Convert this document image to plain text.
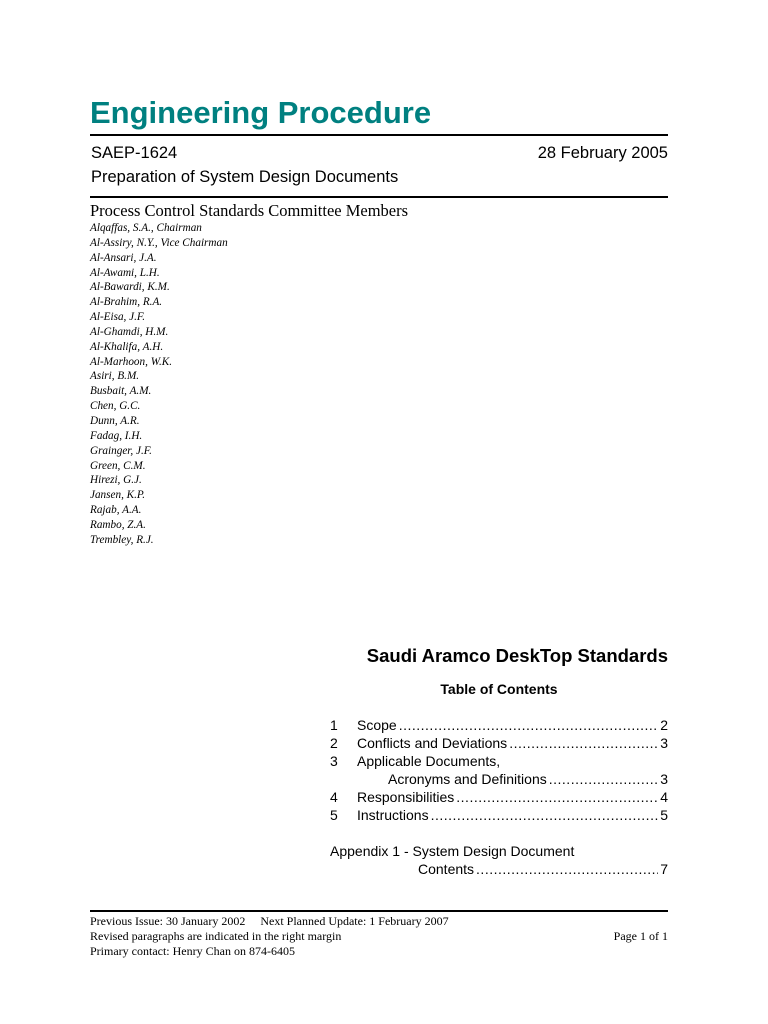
Engineering Procedure
SAEP-1624	28 February 2005
Preparation of System Design Documents
Process Control Standards Committee Members
Alqaffas, S.A., Chairman
Al-Assiry, N.Y., Vice Chairman
Al-Ansari, J.A.
Al-Awami, L.H.
Al-Bawardi, K.M.
Al-Brahim, R.A.
Al-Eisa, J.F.
Al-Ghamdi, H.M.
Al-Khalifa, A.H.
Al-Marhoon, W.K.
Asiri, B.M.
Busbait, A.M.
Chen, G.C.
Dunn, A.R.
Fadag, I.H.
Grainger, J.F.
Green, C.M.
Hirezi, G.J.
Jansen, K.P.
Rajab, A.A.
Rambo, Z.A.
Trembley, R.J.
Saudi Aramco DeskTop Standards
Table of Contents
1	Scope .....	2
2	Conflicts and Deviations .....	3
3	Applicable Documents,
Acronyms and Definitions .....	3
4	Responsibilities .....	4
5	Instructions .....	5
Appendix 1 - System Design Document
Contents .....	7
Previous Issue: 30 January 2002 Next Planned Update: 1 February 2007
Revised paragraphs are indicated in the right margin	Page 1 of 1
Primary contact: Henry Chan on 874-6405
